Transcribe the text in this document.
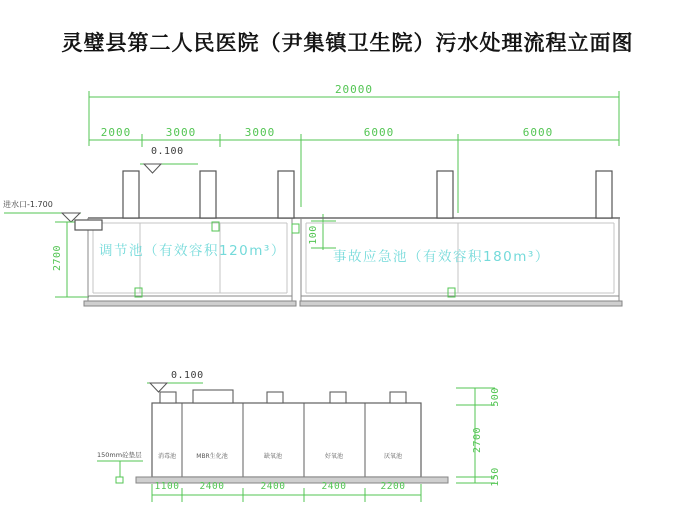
灵璧县第二人民医院（尹集镇卫生院）污水处理流程立面图
20000
2000	3000	3000	6000	6000
0.100
进水口-1.700
2700
100
调节池（有效容积120m³）	事故应急池（有效容积180m³）
0.100
150mm砼垫层	消毒池	MBR生化池	缺氧池	好氧池	厌氧池
1100	2400	2400	2400	2200
500
2700
150
